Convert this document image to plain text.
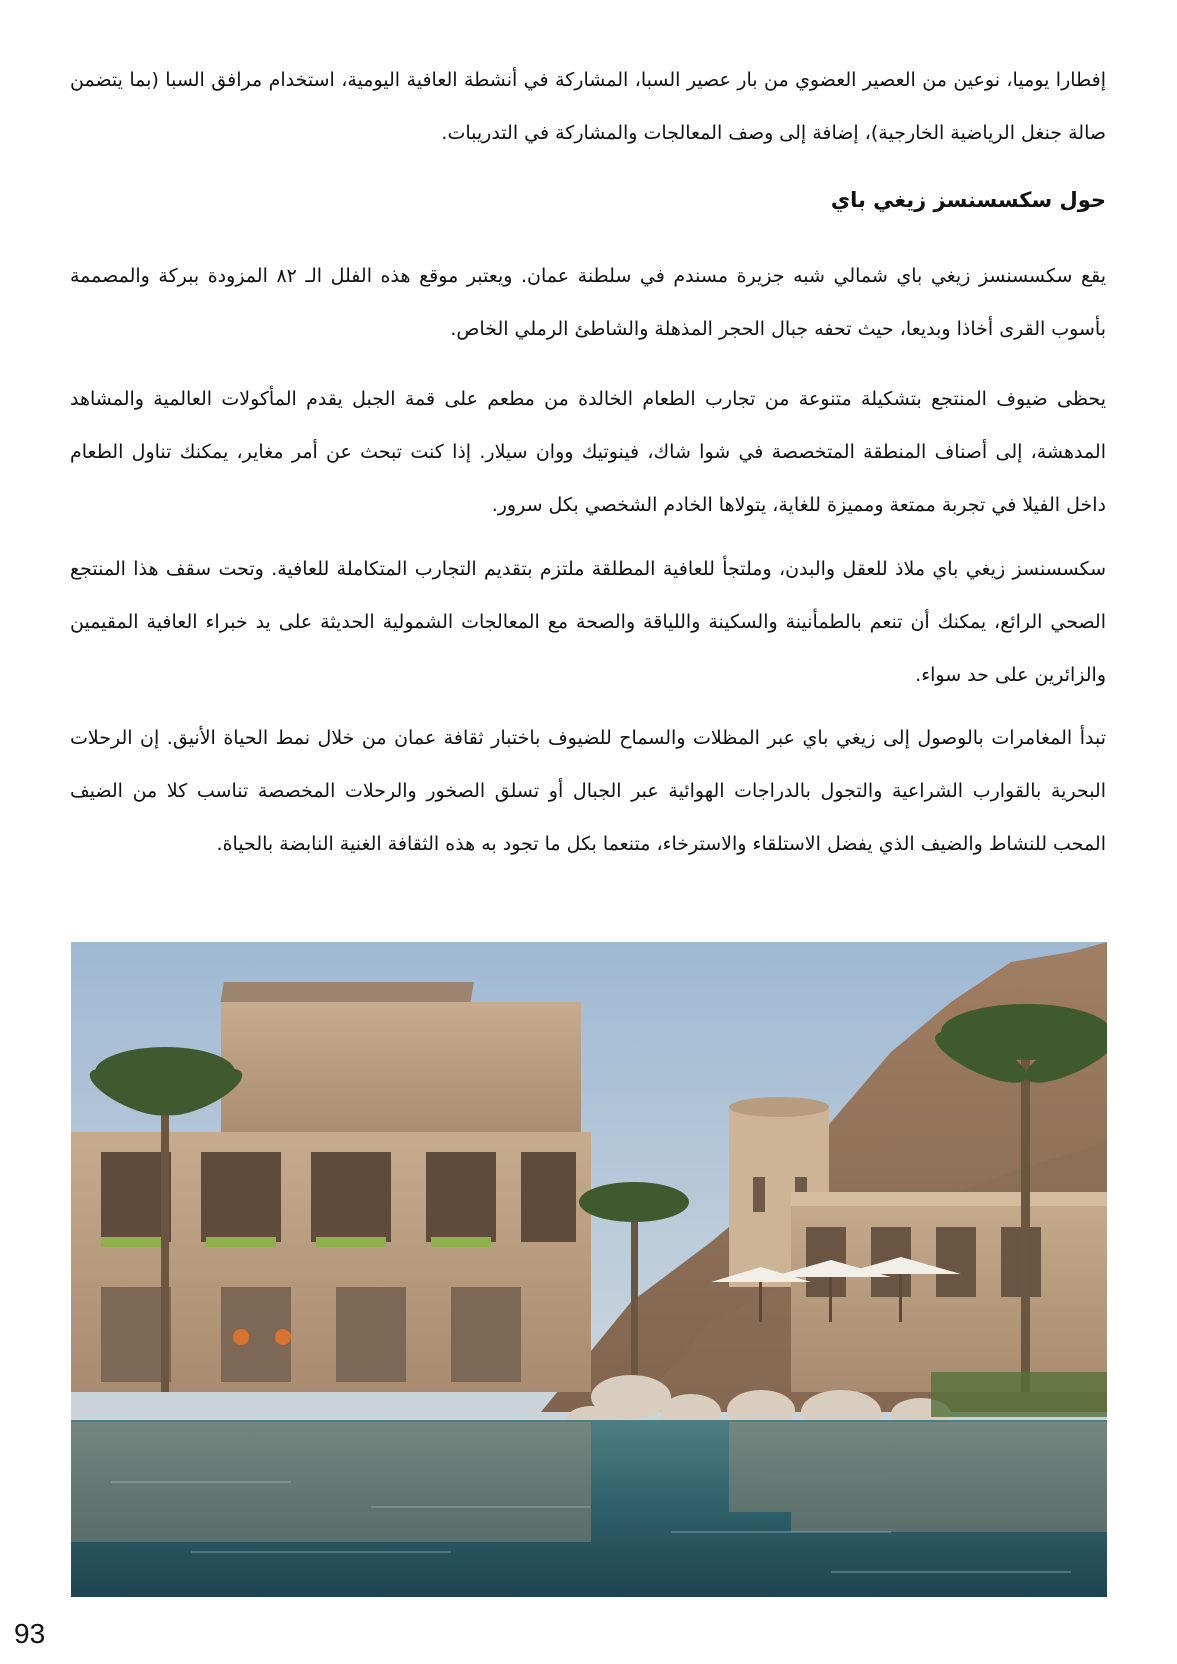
إفطارا يوميا، نوعين من العصير العضوي من بار عصير السبا، المشاركة في أنشطة العافية اليومية، استخدام مرافق السبا (بما يتضمن صالة جنغل الرياضية الخارجية)، إضافة إلى وصف المعالجات والمشاركة في التدريبات.

حول سكسسنسز زيغي باي

يقع سكسسنسز زيغي باي شمالي شبه جزيرة مسندم في سلطنة عمان. ويعتبر موقع هذه الفلل الـ ٨٢ المزودة ببركة والمصممة بأسوب القرى أخاذا وبديعا، حيث تحفه جبال الحجر المذهلة والشاطئ الرملي الخاص.

يحظى ضيوف المنتجع بتشكيلة متنوعة من تجارب الطعام الخالدة من مطعم على قمة الجبل يقدم المأكولات العالمية والمشاهد المدهشة، إلى أصناف المنطقة المتخصصة في شوا شاك، فينوتيك ووان سيلار. إذا كنت تبحث عن أمر مغاير، يمكنك تناول الطعام داخل الفيلا في تجربة ممتعة ومميزة للغاية، يتولاها الخادم الشخصي بكل سرور.

سكسسنسز زيغي باي ملاذ للعقل والبدن، وملتجأ للعافية المطلقة ملتزم بتقديم التجارب المتكاملة للعافية. وتحت سقف هذا المنتجع الصحي الرائع، يمكنك أن تنعم بالطمأنينة والسكينة واللياقة والصحة مع المعالجات الشمولية الحديثة على يد خبراء العافية المقيمين والزائرين على حد سواء.

تبدأ المغامرات بالوصول إلى زيغي باي عبر المظلات والسماح للضيوف باختبار ثقافة عمان من خلال نمط الحياة الأنيق. إن الرحلات البحرية بالقوارب الشراعية والتجول بالدراجات الهوائية عبر الجبال أو تسلق الصخور والرحلات المخصصة تناسب كلا من الضيف المحب للنشاط والضيف الذي يفضل الاستلقاء والاسترخاء، متنعما بكل ما تجود به هذه الثقافة الغنية النابضة بالحياة.

93
